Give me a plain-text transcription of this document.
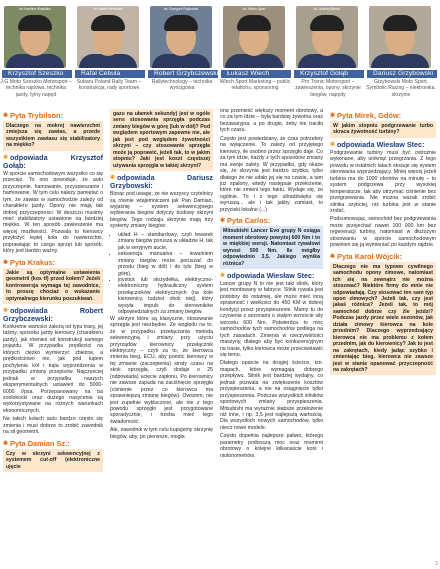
fot. Karolina Wołodźko
Krzysztof Szeszko
J-G Moto Szeszko Motorsport – technika rajdowa, technika jazdy, tylny napęd
fot. Marek Pietrowski
Rafał Cebula
Subaru Poland Rally Team – konstrukcja, rady sportowe
fot. Grzegorz Piątkowski
Robert Grzybczewski
Rallytechnology – technika wyścigowa
fot. Wiech Sport
Łukasz Wiech
Wiech Sport Marketing – public relations, sponsoring
fot. Andrzej Bieńko
Krzysztof Gołąb
Pro Trenic Motorsport – zawieszenia, opony, skrzynie biegów, napędy
Dariusz Grzybowski
Grzybowski Moto Sport, Symbolic Racing – elektronika, skrzynie
✱ Pyta Trybilson:
Dlaczego na mokrej nawierzchni zmiejsza się zawias, a przede wszystkiem zawiasu się stabilizatory na miękko?
✱ odpowiada Krzysztof Gołąb:

W sporcie samochodowym wszystko co się przecięż. To ono powoduje, że auto przyczepnie, hamowanie, przyspieszanie i hamowanie. W tym celu należy pamiętać o tym, że zawias w samochodzie zależy od charakteru jazdy. Opony nie mają tak dobrej przyczepności. W deszczu musimy mieć stabilizatory ustawione na bardziej miękko. W ten sposób zawieszenie ma więcej możliwości. Pozwala to kierowcy przyłożyć lepiej koła do nawierzchni, poprawiając to czego sprzęt lub sposób, który jest bardzo ważny.

✱ Pyta Krakus:
Jakie są optymalne ustawienia geometrii (kos tf) przed kołem? Jeżeli kontrowersja wymaga tej zawodnice, to proszę chociaż o wskazanie optymalnego kierunku poszukiwań.
✱ odpowiada Robert Grzybczewski:

Konkretne wartości zależą od typu trasy, jej taśmy, sposobu jazdy kierowcy (charakteru jazdy), jak również od konstrukcji samego pojazdu. W przypadku prędkości na których ciężko wymierzyć zbieżne, a prędkościowo nie, jak pod kątem pochylenia kół i kąta wyprzedzenia w przypadku zmiany przepisów. Najczęściej jednak w przypadku naszych eksperymentalnych ustawień do 5000-6000 l/psa. Porzepanowany na ba zoolokocki oraz dużego nasycenia są wykorzystywane na różnych warunkach ekonomicznych.

Na takich kołach auto bardzo często się zmienia i musi dobrze to zrobić zawodnik na sił geometrii.

✱ Pyta Damian Sz.:
Czy w skrzyni sekwencyjnej z systemem cut-off (elektroniczne ujęcie
gazu na ułamek sekundy) jest w ogóle sens stosowania sprzęgła podczas zmiany biegów w górę (lub w dół)? Pod względem sportowym zapewne nie, ale jak jest pod względem żywotności skrzyni – czy stosowanie sprzęgła może ją poprawić, jeżeli tak, to w jakim stopniu? Jaki jest koszt częstszej używania sprzęgła w takiej skrzyni?
✱ odpowiada Dariusz Grzybowski:

Biorąc pod uwagę, że nie wszyscy czytelnicy są równie wtajemniczeni jak Pan Damian, wyjaśnię – system sekwencyjnego wybierania biegów dotyczy budowy skrzyni biegów. Tego rodzaju skrzynie mają trzy systemy zmiany biegów:

• układ H – standardowy, czyli lewarek zmiany biegów porusza w układzie H, tak jak w seryjnym aucie,
• sekwencja manualna – lewarkiem zmiany biegów może poruszać do przodu (bieg w dół) i do tyłu (bieg w górę),
• joystick lub skrzydełka, elektryczno-elektroniczny hydrauliczny system przełączników elektrycznych (na kole kierownicy, tudzież obok niej), który wysyła impuls do sterowników odpowiedzialnych za zmiany biegów.

W skrzyni które są klasyczne, stosowanie sprzęgła jest niezbędne. Ze względu na to, że w przypadku przełączania metodą sekwencyjną i zmiany przy użyciu przyrządów kierownicy przełącznik elektryczny – czyli za to, że kierowca zmienia bieg, ECU, aby pomóc kierowcy w tej zmianie (zaczepienia) straty czasu na skok sprzęgła, czyli dodaje o 25 (odpowiada) ucięcie zapłonu. Po kierownicy nie zawsze zapada na zaciśnięcie sprzęgła (ciśnienie przez co kierowca ma sprawniejszą zmianę biegów). Owszem, nie jest zupełnie wykluczone, ale nie z tego powodu sprzęgło jest przygotowane sporadycznie, i trzeba mieć tego świadomość.

Ale, zawodnik w tym celu kupujemy skrzynię biegów, aby, po pierwsze, mogła

ona przenieść większy moment obrotowy, a co za tym idzie – była bardziej żywotna oraz bezawaryjna, a po drugie, żeby nie traciło tych czasu.

Często jest powiedziany, że czas potrzebny na wyłączenie. To zależy od przyjętego kierowcy, ile osobno przez sprzęgło daje. Co za tym idzie, każdy z tych sposobów zmiany ma swoje zalety. W przypadku, gdy okaże się, że skrzynia jest bardzo szybka, tylko dlatego że nie udało jej się na czasie, a tam już spalony, wtedy następuje przełożenie, które nie zmieni tego faktu. Wydaje się, że ogólnie. To i z tego ultradźwięku się wyruszą... ale i tak jakby zamiast, to przyciski lokalne (...)

✱ Pyta Carlos:
Mitsubishi Lancer Evo grupy N osiąga moment obrotowy powyżej 600 Nm i to w miękkiej wersji. Natomiast rywalowi wynosi 500 Nm. Ile mógłby odpowiednio 3,5. Jakiego wynika różnica?
✱ odpowiada Wiesław Stec:

Lancer grupy N to nie jest taki silnik, który jest montowany w fabryce. Silnik rywala jest podobny do ostatniej, ale może mieć inną sprawność i wielkości do 450 KM w dobrej kondycji przez przyspieszenie. Mamy tu do czynienia z sezonami o stałym wzroście siły wzrostu 600 Nm. Potwierdza to moc samochodów tych samochodów podlega na tych zasadach. Zmienia w rzeczywistości maszyny, dlatego aby być konkurencyjnym na trasie, tylko kierowca może przeciwstawić się temu.

Dlatego oparcie na drugiej ścieżce, tzn. mapach, które wymagają dobrego przepływu. Silnik jest bardziej wydajny, co jednak pozwala na zwiększenie kosztów przyspieszenia, a nie na osiągnięcie tylko przyspieszenia. Podczas wszystkich silników sportowych zmiany przyspieszenia. Mitsubishi ma wyraźnie słabsze przełożenie niż inne, i np. 3,5 jest najlepszą wartością. Dla wszystkich nowych samochodów, tylko nieco nowe modele.

Często dopełnia najlepsze paliwo, którego parametry podnoszą moc oraz moment obrotowy o kolejne kilkanaście koni i niutonometrów.

✱ Pyta Mirek, Gdów:
W jakim stopniu podgrzewanie turbo skraca żywotność turbiny?
✱ odpowiada Wiesław Stec:

Podgrzewanie turbiny musi być ostrożnie wykonane, aby uniknąć przegrzania. Z tego powodu w ostatnich latach stosuje się system sterowania wyprzedzający. Mniej więcej jeżeli turbina ma do 1000 obrotów na minutę – to system podgrzewa przy wysokiej temperaturze, tak aby utrzymać ciśnienie bez przegrzewania. Nie można wszak zrobić silnika szybciej, niż turbina jest w stanie zrobić.

Podsumowując, samochód bez podgrzewania może przejechać nawet 100 000 km bez regeneracji turbiny, natomiast w dłuższym stosowaniu w sporcie samochodowym powinien się ją wymieniać po każdym rajdzie.

✱ Pyta Karol Wójcik:
Dlaczego nie ma typowo cywilnego samochodu opony zimowe, natomiast ich się na zewnątrz nie można stosować? Niektóre firmy do mnie nie odpowiadają. Czy stosować ten sam typ opon zimowych? Jeżeli tak, czy jest jakaś różnica? Jeżeli tak, to mój samochód dobrze czy źle jeździ? Podczas jazdy przez wiele sezonów, jak działa zimowy kierowca na kole przednim? Dlaczego wyprzedzający kierowca nie ma problemu z kołem przednim, jak do kierownicy? Jak to jest na zakrętach, kiedy jadąc szybko i zmieniając bieg, kierowca nie zawsze jest w stanie opanować przyczepność na zakrętach?
2
